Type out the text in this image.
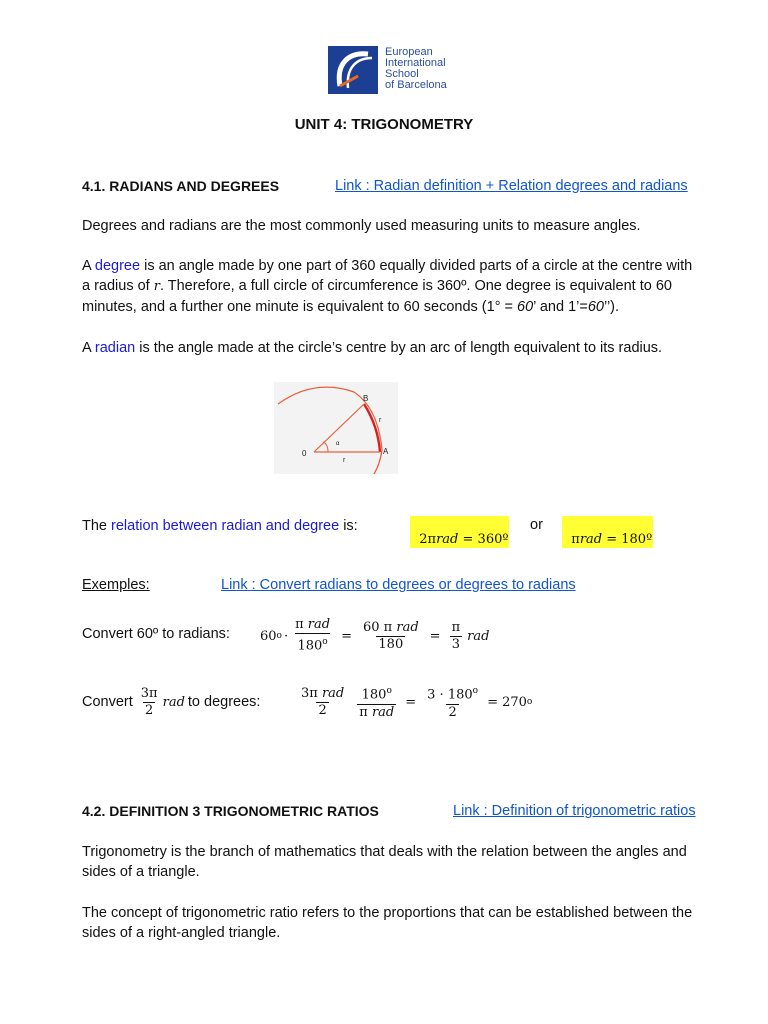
European
International
School
of Barcelona
UNIT 4: TRIGONOMETRY
4.1. RADIANS AND DEGREES	Link : Radian definition + Relation degrees and radians
Degrees and radians are the most commonly used measuring units to measure angles.
A degree is an angle made by one part of 360 equally divided parts of a circle at the centre with
a radius of r. Therefore, a full circle of circumference is 360º. One degree is equivalent to 60
minutes, and a further one minute is equivalent to 60 seconds (1° = 60’ and 1’=60’’).
A radian is the angle made at the circle’s centre by an arc of length equivalent to its radius.
0	A
B
r
r
α
The relation between radian and degree is:

2πrad = 360º

or

πrad = 180º

Exemples:	Link : Convert radians to degrees or degrees to radians
Convert 60º to radians: 60 $o \cdot \frac{\text{π rad}}{180^o} = \frac{\text{60 π rad}}{180} = \frac{\pi}{3}$ rad
Convert $\frac{3\pi}{2}$ rad to degrees:	$\frac{\text{3π rad}}{2} \frac{180^o}{\text{π rad}} = \frac{3 \cdot 180^o}{2} = 270$ o
4.2. DEFINITION 3 TRIGONOMETRIC RATIOS	Link : Definition of trigonometric ratios
Trigonometry is the branch of mathematics that deals with the relation between the angles and
sides of a triangle.
The concept of trigonometric ratio refers to the proportions that can be established between the
sides of a right-angled triangle.
